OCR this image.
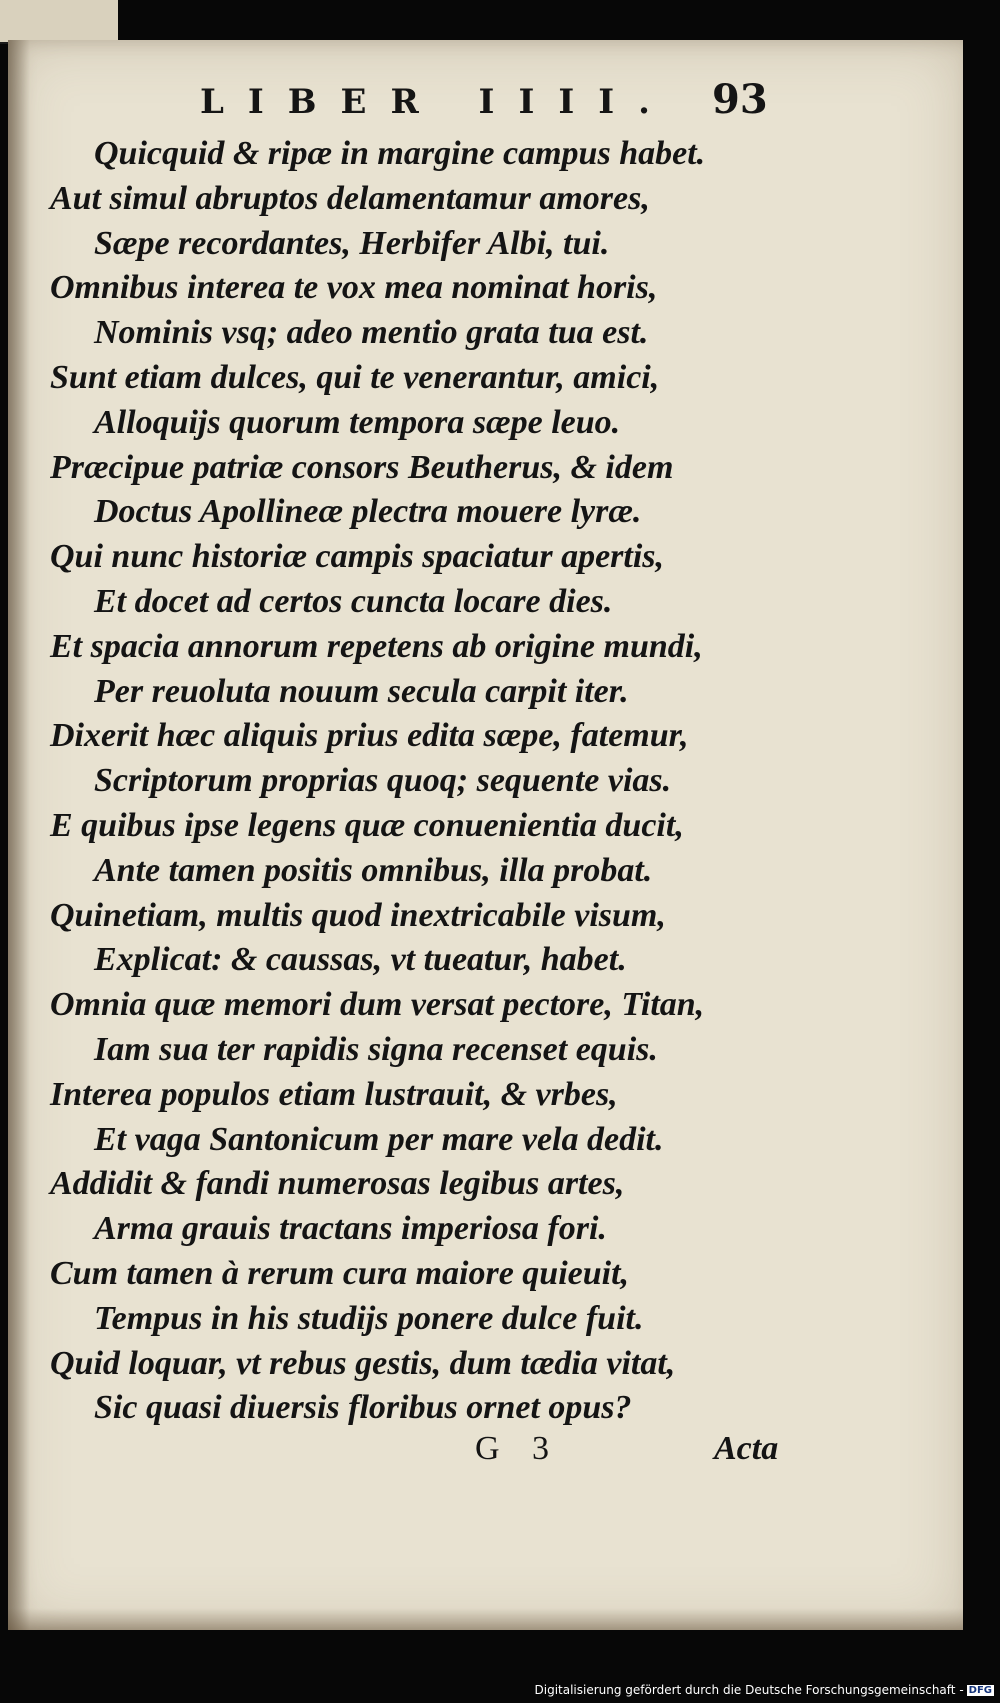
LIBER IIII. 93
Quicquid & ripæ in margine campus habet.
Aut simul abruptos delamentamur amores,
Sæpe recordantes, Herbifer Albi, tui.
Omnibus interea te vox mea nominat horis,
Nominis vsq; adeo mentio grata tua est.
Sunt etiam dulces, qui te venerantur, amici,
Alloquijs quorum tempora sæpe leuo.
Præcipue patriæ consors Beutherus, & idem
Doctus Apollineæ plectra mouere lyræ.
Qui nunc historiæ campis spaciatur apertis,
Et docet ad certos cuncta locare dies.
Et spacia annorum repetens ab origine mundi,
Per reuoluta nouum secula carpit iter.
Dixerit hæc aliquis prius edita sæpe, fatemur,
Scriptorum proprias quoq; sequente vias.
E quibus ipse legens quæ conuenientia ducit,
Ante tamen positis omnibus, illa probat.
Quinetiam, multis quod inextricabile visum,
Explicat: & caussas, vt tueatur, habet.
Omnia quæ memori dum versat pectore, Titan,
Iam sua ter rapidis signa recenset equis.
Interea populos etiam lustrauit, & vrbes,
Et vaga Santonicum per mare vela dedit.
Addidit & fandi numerosas legibus artes,
Arma grauis tractans imperiosa fori.
Cum tamen à rerum cura maiore quieuit,
Tempus in his studijs ponere dulce fuit.
Quid loquar, vt rebus gestis, dum tædia vitat,
Sic quasi diuersis floribus ornet opus?
G 3	Acta
Digitalisierung gefördert durch die Deutsche Forschungsgemeinschaft - DFG
